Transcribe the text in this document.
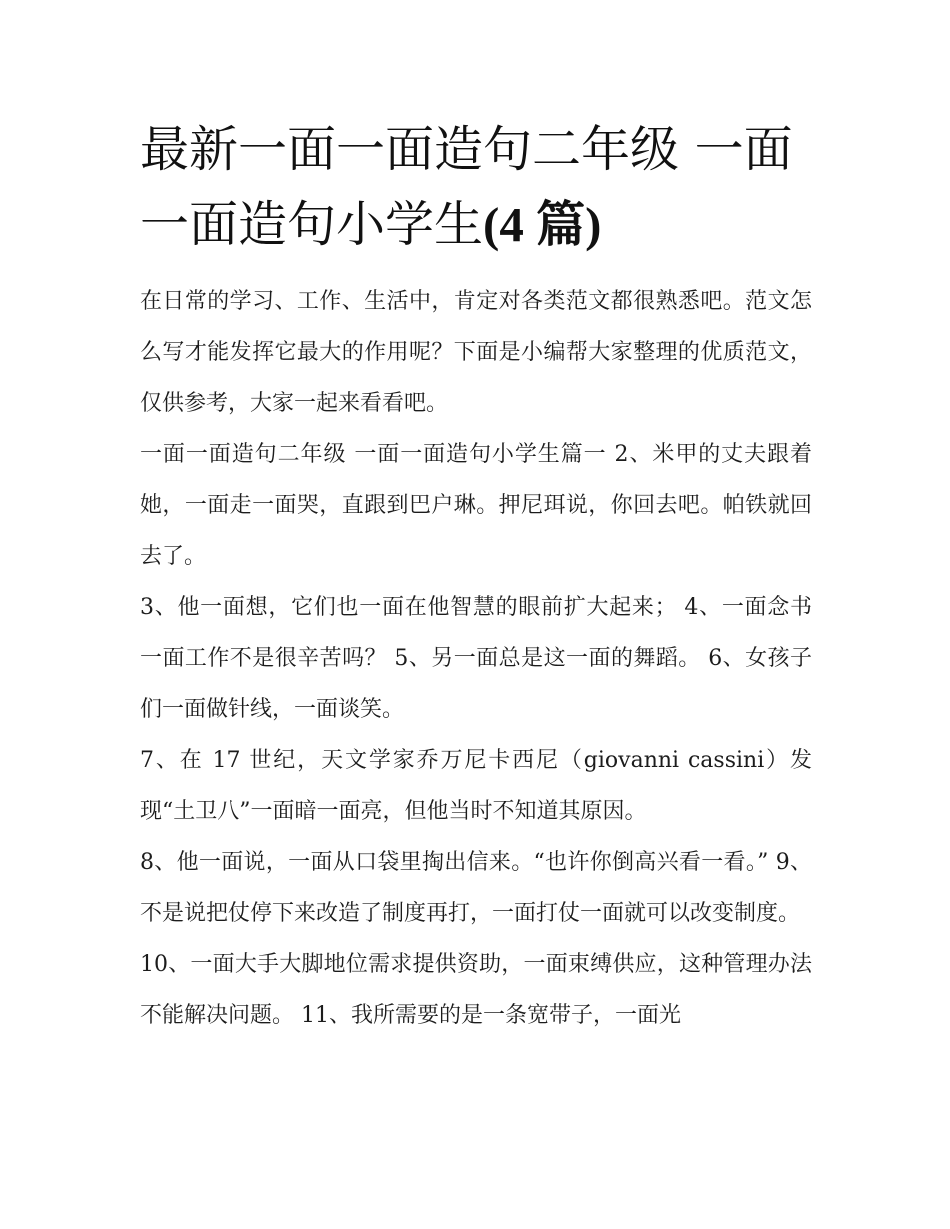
最新一面一面造句二年级 一面一面造句小学生(4 篇)

在日常的学习、工作、生活中，肯定对各类范文都很熟悉吧。范文怎么写才能发挥它最大的作用呢？下面是小编帮大家整理的优质范文，仅供参考，大家一起来看看吧。

一面一面造句二年级 一面一面造句小学生篇一 2、米甲的丈夫跟着她，一面走一面哭，直跟到巴户琳。押尼珥说，你回去吧。帕铁就回去了。

3、他一面想，它们也一面在他智慧的眼前扩大起来； 4、一面念书一面工作不是很辛苦吗？ 5、另一面总是这一面的舞蹈。 6、女孩子们一面做针线，一面谈笑。

7、在 17 世纪，天文学家乔万尼卡西尼（giovanni cassini）发现“土卫八”一面暗一面亮，但他当时不知道其原因。

8、他一面说，一面从口袋里掏出信来。“也许你倒高兴看一看。” 9、不是说把仗停下来改造了制度再打，一面打仗一面就可以改变制度。

10、一面大手大脚地位需求提供资助，一面束缚供应，这种管理办法不能解决问题。 11、我所需要的是一条宽带子，一面光
